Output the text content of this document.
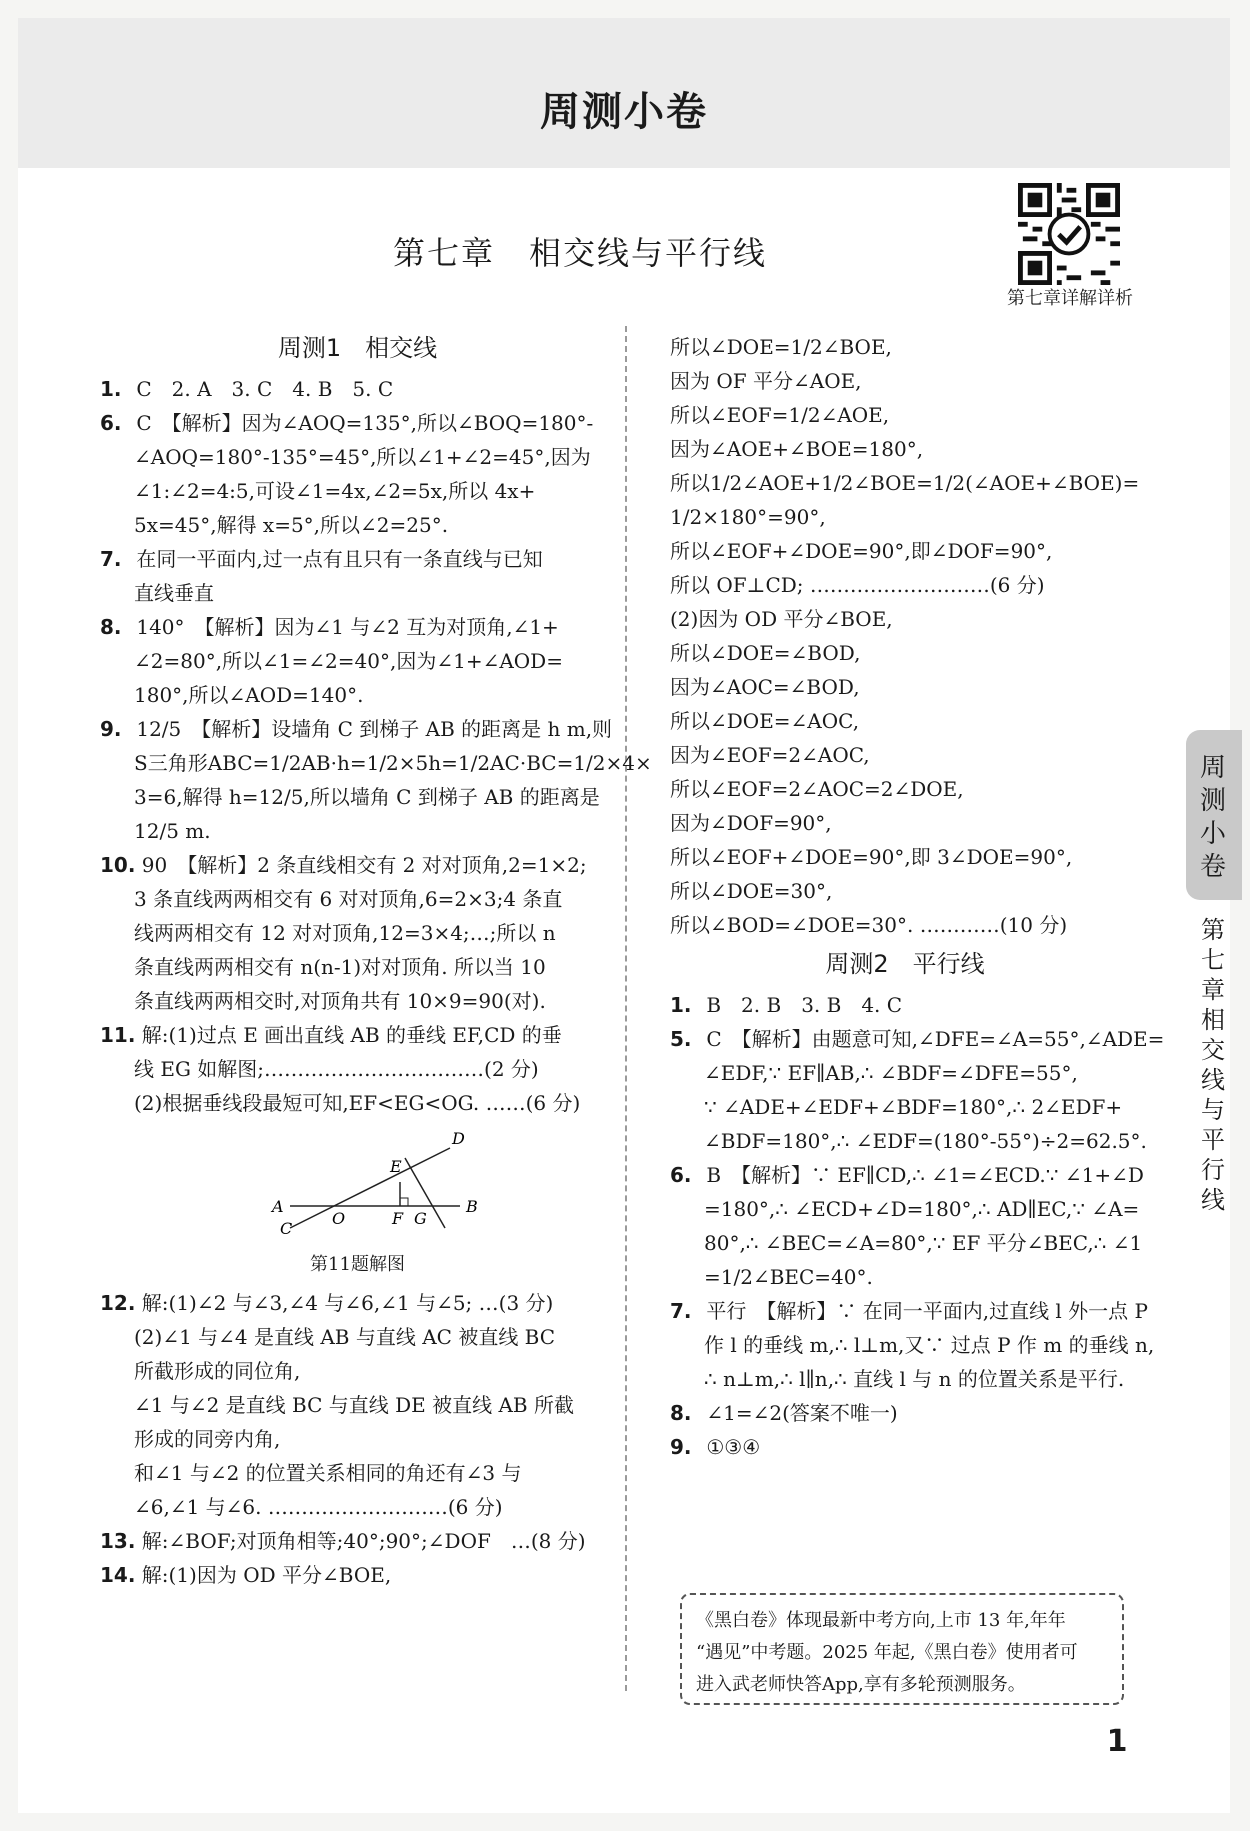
周测小卷
第七章　相交线与平行线
第七章详解详析
周测1　相交线
1. C　2. A　3. C　4. B　5. C
6. C　【解析】因为∠AOQ=135°,所以∠BOQ=180°-
∠AOQ=180°-135°=45°,所以∠1+∠2=45°,因为
∠1:∠2=4:5,可设∠1=4x,∠2=5x,所以 4x+
5x=45°,解得 x=5°,所以∠2=25°.
7. 在同一平面内,过一点有且只有一条直线与已知
直线垂直
8. 140°　【解析】因为∠1 与∠2 互为对顶角,∠1+
∠2=80°,所以∠1=∠2=40°,因为∠1+∠AOD=
180°,所以∠AOD=140°.
9. 12/5　【解析】设墙角 C 到梯子 AB 的距离是 h m,则
S三角形ABC=1/2AB·h=1/2×5h=1/2AC·BC=1/2×4×
3=6,解得 h=12/5,所以墙角 C 到梯子 AB 的距离是
12/5 m.
10. 90　【解析】2 条直线相交有 2 对对顶角,2=1×2;
3 条直线两两相交有 6 对对顶角,6=2×3;4 条直
线两两相交有 12 对对顶角,12=3×4;…;所以 n
条直线两两相交有 n(n-1)对对顶角. 所以当 10
条直线两两相交时,对顶角共有 10×9=90(对).
11. 解:(1)过点 E 画出直线 AB 的垂线 EF,CD 的垂
线 EG 如解图;……………………………(2 分)
(2)根据垂线段最短可知,EF<EG<OG. ……(6 分)
E
D
A	B
C
O	F G
第11题解图
12. 解:(1)∠2 与∠3,∠4 与∠6,∠1 与∠5; …(3 分)
(2)∠1 与∠4 是直线 AB 与直线 AC 被直线 BC
所截形成的同位角,
∠1 与∠2 是直线 BC 与直线 DE 被直线 AB 所截
形成的同旁内角,
和∠1 与∠2 的位置关系相同的角还有∠3 与
∠6,∠1 与∠6. ………………………(6 分)
13. 解:∠BOF;对顶角相等;40°;90°;∠DOF　…(8 分)
14. 解:(1)因为 OD 平分∠BOE,
所以∠DOE=1/2∠BOE,
因为 OF 平分∠AOE,
所以∠EOF=1/2∠AOE,
因为∠AOE+∠BOE=180°,
所以1/2∠AOE+1/2∠BOE=1/2(∠AOE+∠BOE)=
1/2×180°=90°,
所以∠EOF+∠DOE=90°,即∠DOF=90°,
所以 OF⊥CD; ………………………(6 分)
(2)因为 OD 平分∠BOE,
所以∠DOE=∠BOD,
因为∠AOC=∠BOD,
所以∠DOE=∠AOC,
因为∠EOF=2∠AOC,
所以∠EOF=2∠AOC=2∠DOE,
因为∠DOF=90°,
所以∠EOF+∠DOE=90°,即 3∠DOE=90°,
所以∠DOE=30°,
所以∠BOD=∠DOE=30°. …………(10 分)
周测2　平行线
1. B　2. B　3. B　4. C
5. C　【解析】由题意可知,∠DFE=∠A=55°,∠ADE=
∠EDF,∵ EF∥AB,∴ ∠BDF=∠DFE=55°,
∵ ∠ADE+∠EDF+∠BDF=180°,∴ 2∠EDF+
∠BDF=180°,∴ ∠EDF=(180°-55°)÷2=62.5°.
6. B　【解析】∵ EF∥CD,∴ ∠1=∠ECD.∵ ∠1+∠D
=180°,∴ ∠ECD+∠D=180°,∴ AD∥EC,∵ ∠A=
80°,∴ ∠BEC=∠A=80°,∵ EF 平分∠BEC,∴ ∠1
=1/2∠BEC=40°.
7. 平行　【解析】∵ 在同一平面内,过直线 l 外一点 P
作 l 的垂线 m,∴ l⊥m,又∵ 过点 P 作 m 的垂线 n,
∴ n⊥m,∴ l∥n,∴ 直线 l 与 n 的位置关系是平行.
8. ∠1=∠2(答案不唯一)
9. ①③④
周测小卷
第七章 相交线与平行线
《黑白卷》体现最新中考方向,上市 13 年,年年
“遇见”中考题。2025 年起,《黑白卷》使用者可
进入武老师快答App,享有多轮预测服务。
1
